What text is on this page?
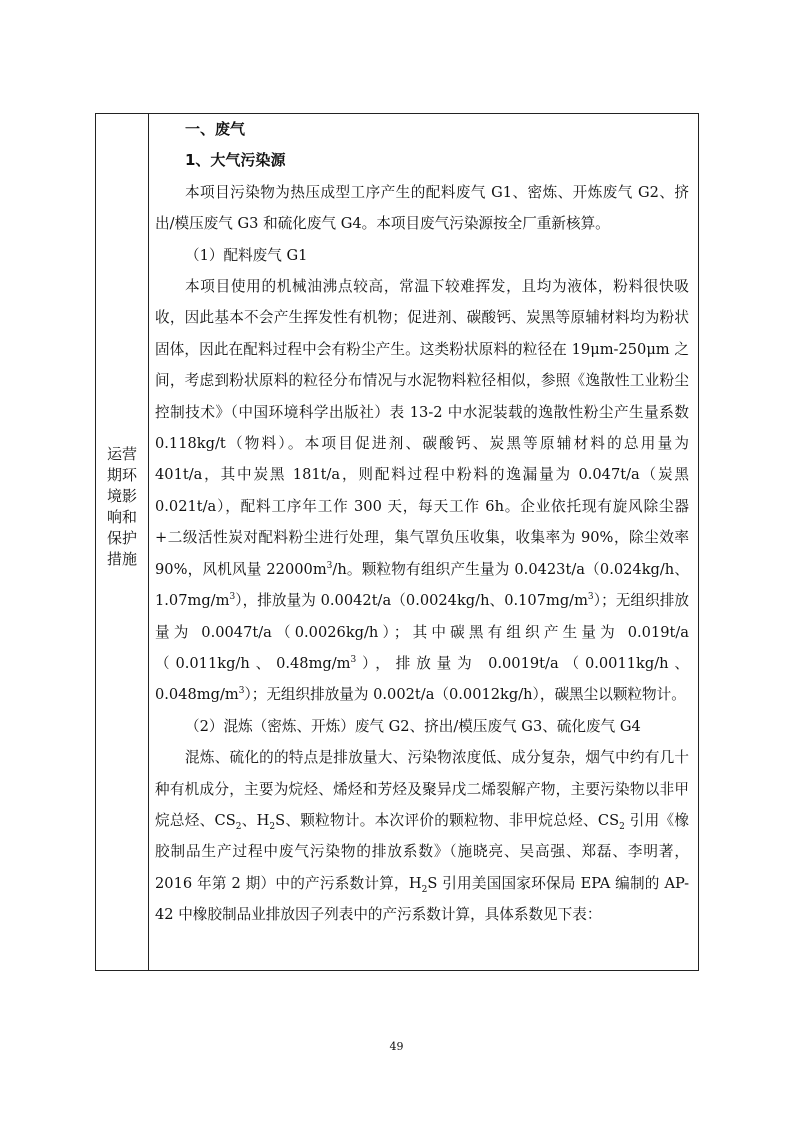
运营期环境影响和保护措施

一、废气

1、大气污染源

本项目污染物为热压成型工序产生的配料废气 G1、密炼、开炼废气 G2、挤出/模压废气 G3 和硫化废气 G4。本项目废气污染源按全厂重新核算。

（1）配料废气 G1

本项目使用的机械油沸点较高，常温下较难挥发，且均为液体，粉料很快吸收，因此基本不会产生挥发性有机物；促进剂、碳酸钙、炭黑等原辅材料均为粉状固体，因此在配料过程中会有粉尘产生。这类粉状原料的粒径在 19μm-250μm 之间，考虑到粉状原料的粒径分布情况与水泥物料粒径相似，参照《逸散性工业粉尘控制技术》（中国环境科学出版社）表 13-2 中水泥装载的逸散性粉尘产生量系数 0.118kg/t（物料）。本项目促进剂、碳酸钙、炭黑等原辅材料的总用量为 401t/a，其中炭黑 181t/a，则配料过程中粉料的逸漏量为 0.047t/a（炭黑 0.021t/a），配料工序年工作 300 天，每天工作 6h。企业依托现有旋风除尘器+二级活性炭对配料粉尘进行处理，集气罩负压收集，收集率为 90%，除尘效率 90%，风机风量 $22000m^3/h$。颗粒物有组织产生量为 0.0423t/a（0.024kg/h、$1.07mg/m^3$），排放量为 0.0042t/a（0.0024kg/h、$0.107mg/m^3$）；无组织排放量为 0.0047t/a（0.0026kg/h）；其中碳黑有组织产生量为 0.019t/a（0.011kg/h、$0.48mg/m^3$），排放量为 0.0019t/a（0.0011kg/h、$0.048mg/m^3$）；无组织排放量为 0.002t/a（0.0012kg/h），碳黑尘以颗粒物计。

（2）混炼（密炼、开炼）废气 G2、挤出/模压废气 G3、硫化废气 G4

混炼、硫化的的特点是排放量大、污染物浓度低、成分复杂，烟气中约有几十种有机成分，主要为烷烃、烯烃和芳烃及聚异戊二烯裂解产物，主要污染物以非甲烷总烃、$CS_2$、$H_2S$、颗粒物计。本次评价的颗粒物、非甲烷总烃、$CS_2$ 引用《橡胶制品生产过程中废气污染物的排放系数》（施晓亮、吴高强、郑磊、李明著，2016 年第 2 期）中的产污系数计算，$H_2S$ 引用美国国家环保局 EPA 编制的 AP-42 中橡胶制品业排放因子列表中的产污系数计算，具体系数见下表：

49
